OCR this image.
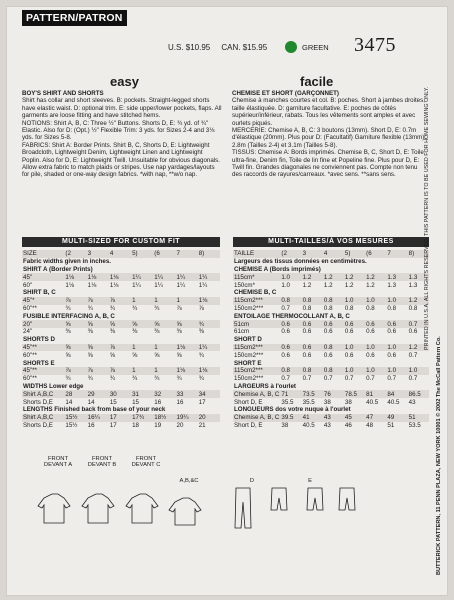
PATTERN/PATRON
U.S. $10.95 CAN. $15.95	GREEN 3475
easy	facile
BOY'S SHIRT AND SHORTS
Shirt has collar and short sleeves. B: pockets. Straight-legged shorts have elastic waist. D: optional trim. E: side upper/lower pockets, flaps. All garments are loose fitting and have stitched hems.
NOTIONS: Shirt A, B, C: Three ½" Buttons. Shorts D, E: ¾ yd. of ¾" Elastic. Also for D: (Opt.) ½" Flexible Trim: 3 yds. for Sizes 2-4 and 3⅛ yds. for Sizes 5-8.
FABRICS: Shirt A: Border Prints. Shirt B, C, Shorts D, E: Lightweight Broadcloth, Lightweight Denim, Lightweight Linen and Lightweight Poplin. Also for D, E: Lightweight Twill. Unsuitable for obvious diagonals. Allow extra fabric to match plaids or stripes. Use nap yardages/layouts for pile, shaded or one-way design fabrics. *with nap, **w/o nap.
CHEMISE ET SHORT (GARÇONNET)
Chemise à manches courtes et col. B: poches. Short à jambes droites, taille élastiquée. D: garniture facultative. E: poches de côtés supérieur/inférieur, rabats. Tous les vêtements sont amples et avec ourlets piqués.
MERCERIE: Chemise A, B, C: 3 boutons (13mm). Short D, E: 0.7m d'élastique (20mm). Plus pour D: (Facultatif) Garniture flexible (13mm): 2.8m (Tailles 2-4) et 3.1m (Tailles 5-8).
TISSUS: Chemise A: Bords imprimés. Chemise B, C, Short D, E: Toile ultra-fine, Denim fin, Toile de lin fine et Popeline fine. Plus pour D, E: Twill fin. Grandes diagonales ne conviennent pas. Compte non tenu des raccords de rayures/carreaux. *avec sens. **sans sens.
MULTI-SIZED FOR CUSTOM FIT	MULTI-TAILLES/À VOS MESURES
SIZE	(2	3	4	5)	(6	7	8)
Fabric widths given in inches.							
SHIRT A (Border Prints)							
45"	1⅛	1⅛	1⅛	1¼	1¼	1¼	1¼
60"	1⅛	1⅛	1⅛	1¼	1¼	1¼	1¼
SHIRT B, C							
45"*	⅞	⅞	⅞	1	1	1	1⅛
60"**	¾	¾	¾	¾	¾	⅞	⅞
FUSIBLE INTERFACING A, B, C							
20"	⅝	⅝	⅝	⅝	⅝	⅝	¾
24"	⅜	⅜	⅜	⅜	⅜	⅜	⅜
SHORTS D							
45"**	⅝	⅝	⅞	1	1	1⅛	1¼
60"**	⅝	⅝	⅝	⅝	⅝	⅝	¾
SHORTS E							
45"**	⅞	⅞	⅞	1	1	1⅛	1⅛
60"**	¾	¾	¾	¾	¾	¾	¾
WIDTHS Lower edge							
Shirt A,B,C	28	29	30	31	32	33	34
Shorts D,E	14	14	15	15	16	16	17
LENGTHS Finished back from base of your neck							
Shirt A,B,C	15½	16¼	17	17¾	18½	19¼	20
Shorts D,E	15½	16	17	18	19	20	21
TAILLE	(2	3	4	5)	(6	7	8)
Largeurs des tissus données en centimètres.							
CHEMISE A (Bords imprimés)							
115cm*	1.0	1.2	1.2	1.2	1.2	1.3	1.3
150cm*	1.0	1.2	1.2	1.2	1.2	1.3	1.3
CHEMISE B, C							
115cm2***	0.8	0.8	0.8	1.0	1.0	1.0	1.2
150cm2***	0.7	0.8	0.8	0.8	0.8	0.8	0.8
ENTOILAGE THERMOCOLLANT A, B, C							
51cm	0.6	0.6	0.6	0.6	0.6	0.6	0.7
61cm	0.6	0.6	0.6	0.6	0.6	0.6	0.6
SHORT D							
115cm2***	0.6	0.6	0.8	1.0	1.0	1.0	1.2
150cm2***	0.6	0.6	0.6	0.6	0.6	0.6	0.7
SHORT E							
115cm2***	0.8	0.8	0.8	1.0	1.0	1.0	1.0
150cm2***	0.7	0.7	0.7	0.7	0.7	0.7	0.7
LARGEURS à l'ourlet							
Chemise A, B, C	71	73.5	76	78.5	81	84	86.5
Short D, E	35.5	35.5	38	38	40.5	40.5	43
LONGUEURS dos votre nuque à l'ourlet							
Chemise A, B, C	39.5	41	43	45	47	49	51
Short D, E	38	40.5	43	46	48	51	53.5	BUTTERICK PATTERN, 11 PENN PLAZA, NEW YORK 10001 © 2002 The McCall Pattern Co.
PRINTED IN U.S.A. ALL RIGHTS RESERVED. THIS PATTERN IS TO BE USED FOR HOME SEWING ONLY.
FRONT DEVANT A
FRONT DEVANT B
FRONT DEVANT C
A,B,&C	D	E
